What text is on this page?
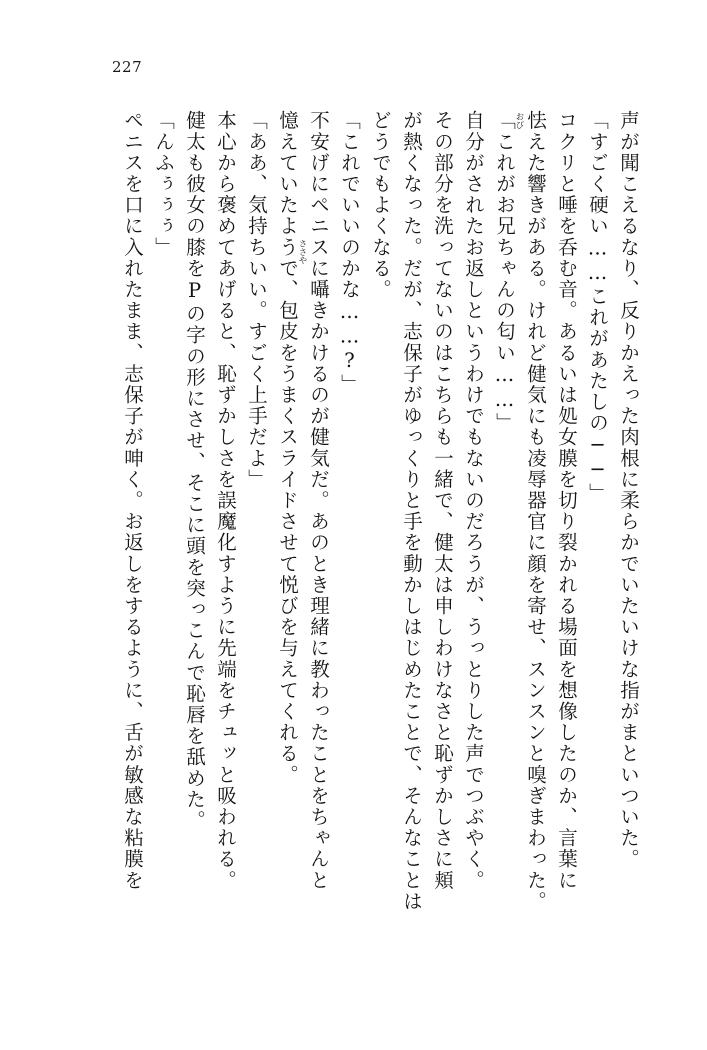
227
声が聞こえるなり、反りかえった肉根に柔らかでいたいけな指がまといついた。
「すごく硬い……これがあたしの──」
コクリと唾を呑む音。あるいは処女膜を切り裂かれる場面を想像したのか、言葉に
怯
おび
えた響きがある。けれど健気にも凌辱器官に顔を寄せ、スンスンと嗅ぎまわった。
「これがお兄ちゃんの匂い……」
自分がされたお返しというわけでもないのだろうが、うっとりした声でつぶやく。
その部分を洗ってないのはこちらも一緒で、健太は申しわけなさと恥ずかしさに頬
が熱くなった。だが、志保子がゆっくりと手を動かしはじめたことで、そんなことは
どうでもよくなる。
「これでいいのかな……?」
不安げにペニス
ささや
に囁きかけるのが健気だ。あのとき理緒に教わったことをちゃんと
憶えていたようで、包皮をうまくスライドさせて悦びを与えてくれる。
「ああ、気持ちいい。すごく上手だよ」
本心から褒めてあげると、恥ずかしさを誤魔化すように先端をチュッと吸われる。
健太も彼女の膝をPの字の形にさせ、そこに頭を突っこんで恥唇を舐めた。
「んふぅぅぅ」
ペニスを口に入れたまま、志保子が呻く。お返しをするように、舌が敏感な粘膜を
